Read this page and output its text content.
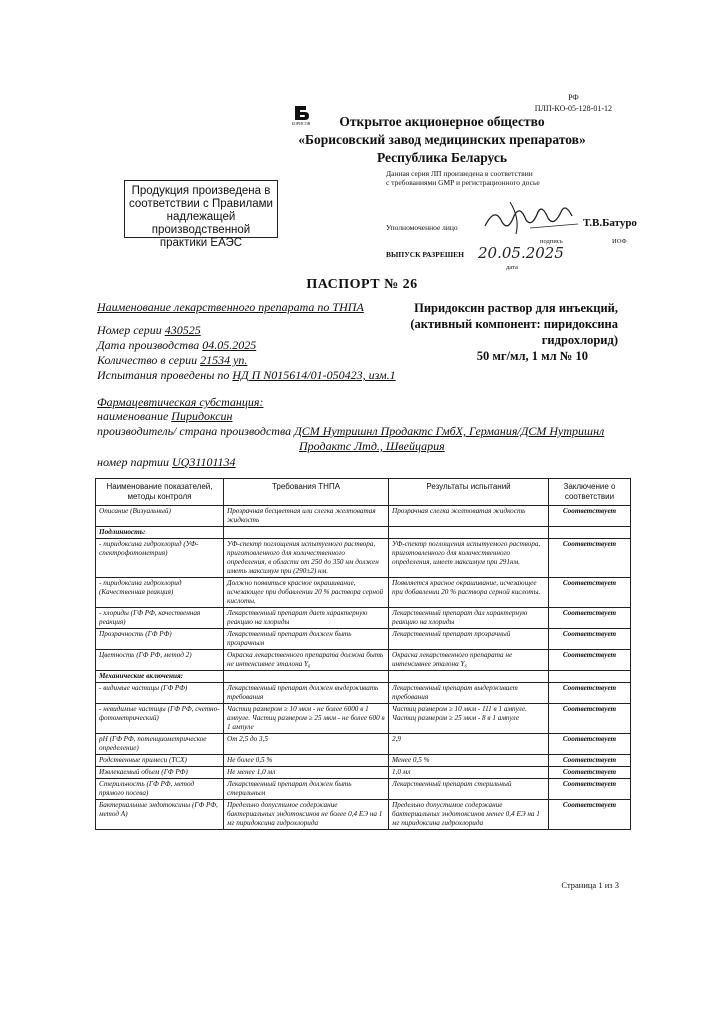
РФ
ПЛП-КО-05-128-01-12
БОРИСОВ	Открытое акционерное общество
«Борисовский завод медицинских препаратов»
Республика Беларусь
Продукция произведена в
соответствии с Правилами
надлежащей производственной
практики ЕАЭС
Данная серия ЛП произведена в соответствии
с требованиями GMP и регистрационного досье
Уполномоченное лицо	Т.В.Батуро
подпись	ИОФ
ВЫПУСК РАЗРЕШЕН 20.05.2025
дата
ПАСПОРТ № 26
Наименование лекарственного препарата по ТНПА	Пиридоксин раствор для инъекций,
(активный компонент: пиридоксина гидрохлорид)
50 мг/мл, 1 мл № 10
Номер серии 430525
Дата производства 04.05.2025
Количество в серии 21534 уп.
Испытания проведены по НД П N015614/01-050423, изм.1
Фармацевтическая субстанция:
наименование Пиридоксин
производитель/ страна производства ДСМ Нутришнл Продактс ГмбХ, Германия/ДСМ Нутришнл
Продактс Лтд., Швейцария
номер партии UQ31101134
Наименование показателей, методы контроля	Требования ТНПА	Результаты испытаний	Заключение о соответствии
Описание (Визуальный)	Прозрачная бесцветная или слегка желтоватая жидкость	Прозрачная слегка желтоватая жидкость	Соответствует
Подлинность:			
- пиридоксина гидрохлорид (УФ-спектрофотометрия)	УФ-спектр поглощения испытуемого раствора, приготовленного для количественного определения, в области от 250 до 350 нм должен иметь максимум при (290±2) нм.	УФ-спектр поглощения испытуемого раствора, приготовленного для количественного определения, имеет максимум при 291нм.	Соответствует
- пиридоксина гидрохлорид (Качественная реакция)	Должно появиться красное окрашивание, исчезающее при добавлении 20 % раствора серной кислоты.	Появляется красное окрашивание, исчезающее при добавлении 20 % раствора серной кислоты.	Соответствует
- хлориды (ГФ РФ, качественная реакция)	Лекарственный препарат дает характерную реакцию на хлориды	Лекарственный препарат дал характерную реакцию на хлориды	Соответствует
Прозрачность (ГФ РФ)	Лекарственный препарат должен быть прозрачным	Лекарственный препарат прозрачный	Соответствует
Цветность (ГФ РФ, метод 2)	Окраска лекарственного препарата должна быть не интенсивнее эталона Y₆	Окраска лекарственного препарата не интенсивнее эталона Y₆	Соответствует
Механические включения:			
- видимые частицы (ГФ РФ)	Лекарственный препарат должен выдерживать требования	Лекарственный препарат выдерживает требования	Соответствует
- невидимые частицы (ГФ РФ, счетно-фотометрический)	Частиц размером ≥ 10 мкм - не более 6000 в 1 ампуле. Частиц размером ≥ 25 мкм - не более 600 в 1 ампуле	Частиц размером ≥ 10 мкм - 111 в 1 ампуле. Частиц размером ≥ 25 мкм - 8 в 1 ампуле	Соответствует
pH (ГФ РФ, потенциометрическое определение)	От 2,5 до 3,5	2,9	Соответствует
Родственные примеси (ТСХ)	Не более 0,5 %	Менее 0,5 %	Соответствует
Извлекаемый объем (ГФ РФ)	Не менее 1,0 мл	1,0 мл	Соответствует
Стерильность (ГФ РФ, метод прямого посева)	Лекарственный препарат должен быть стерильным	Лекарственный препарат стерильный	Соответствует
Бактериальные эндотоксины (ГФ РФ, метод А)	Предельно допустимое содержание бактериальных эндотоксинов не более 0,4 ЕЭ на 1 мг пиридоксина гидрохлорида	Предельно допустимое содержание бактериальных эндотоксинов менее 0,4 ЕЭ на 1 мг пиридоксина гидрохлорида	Соответствует
Страница 1 из 3
